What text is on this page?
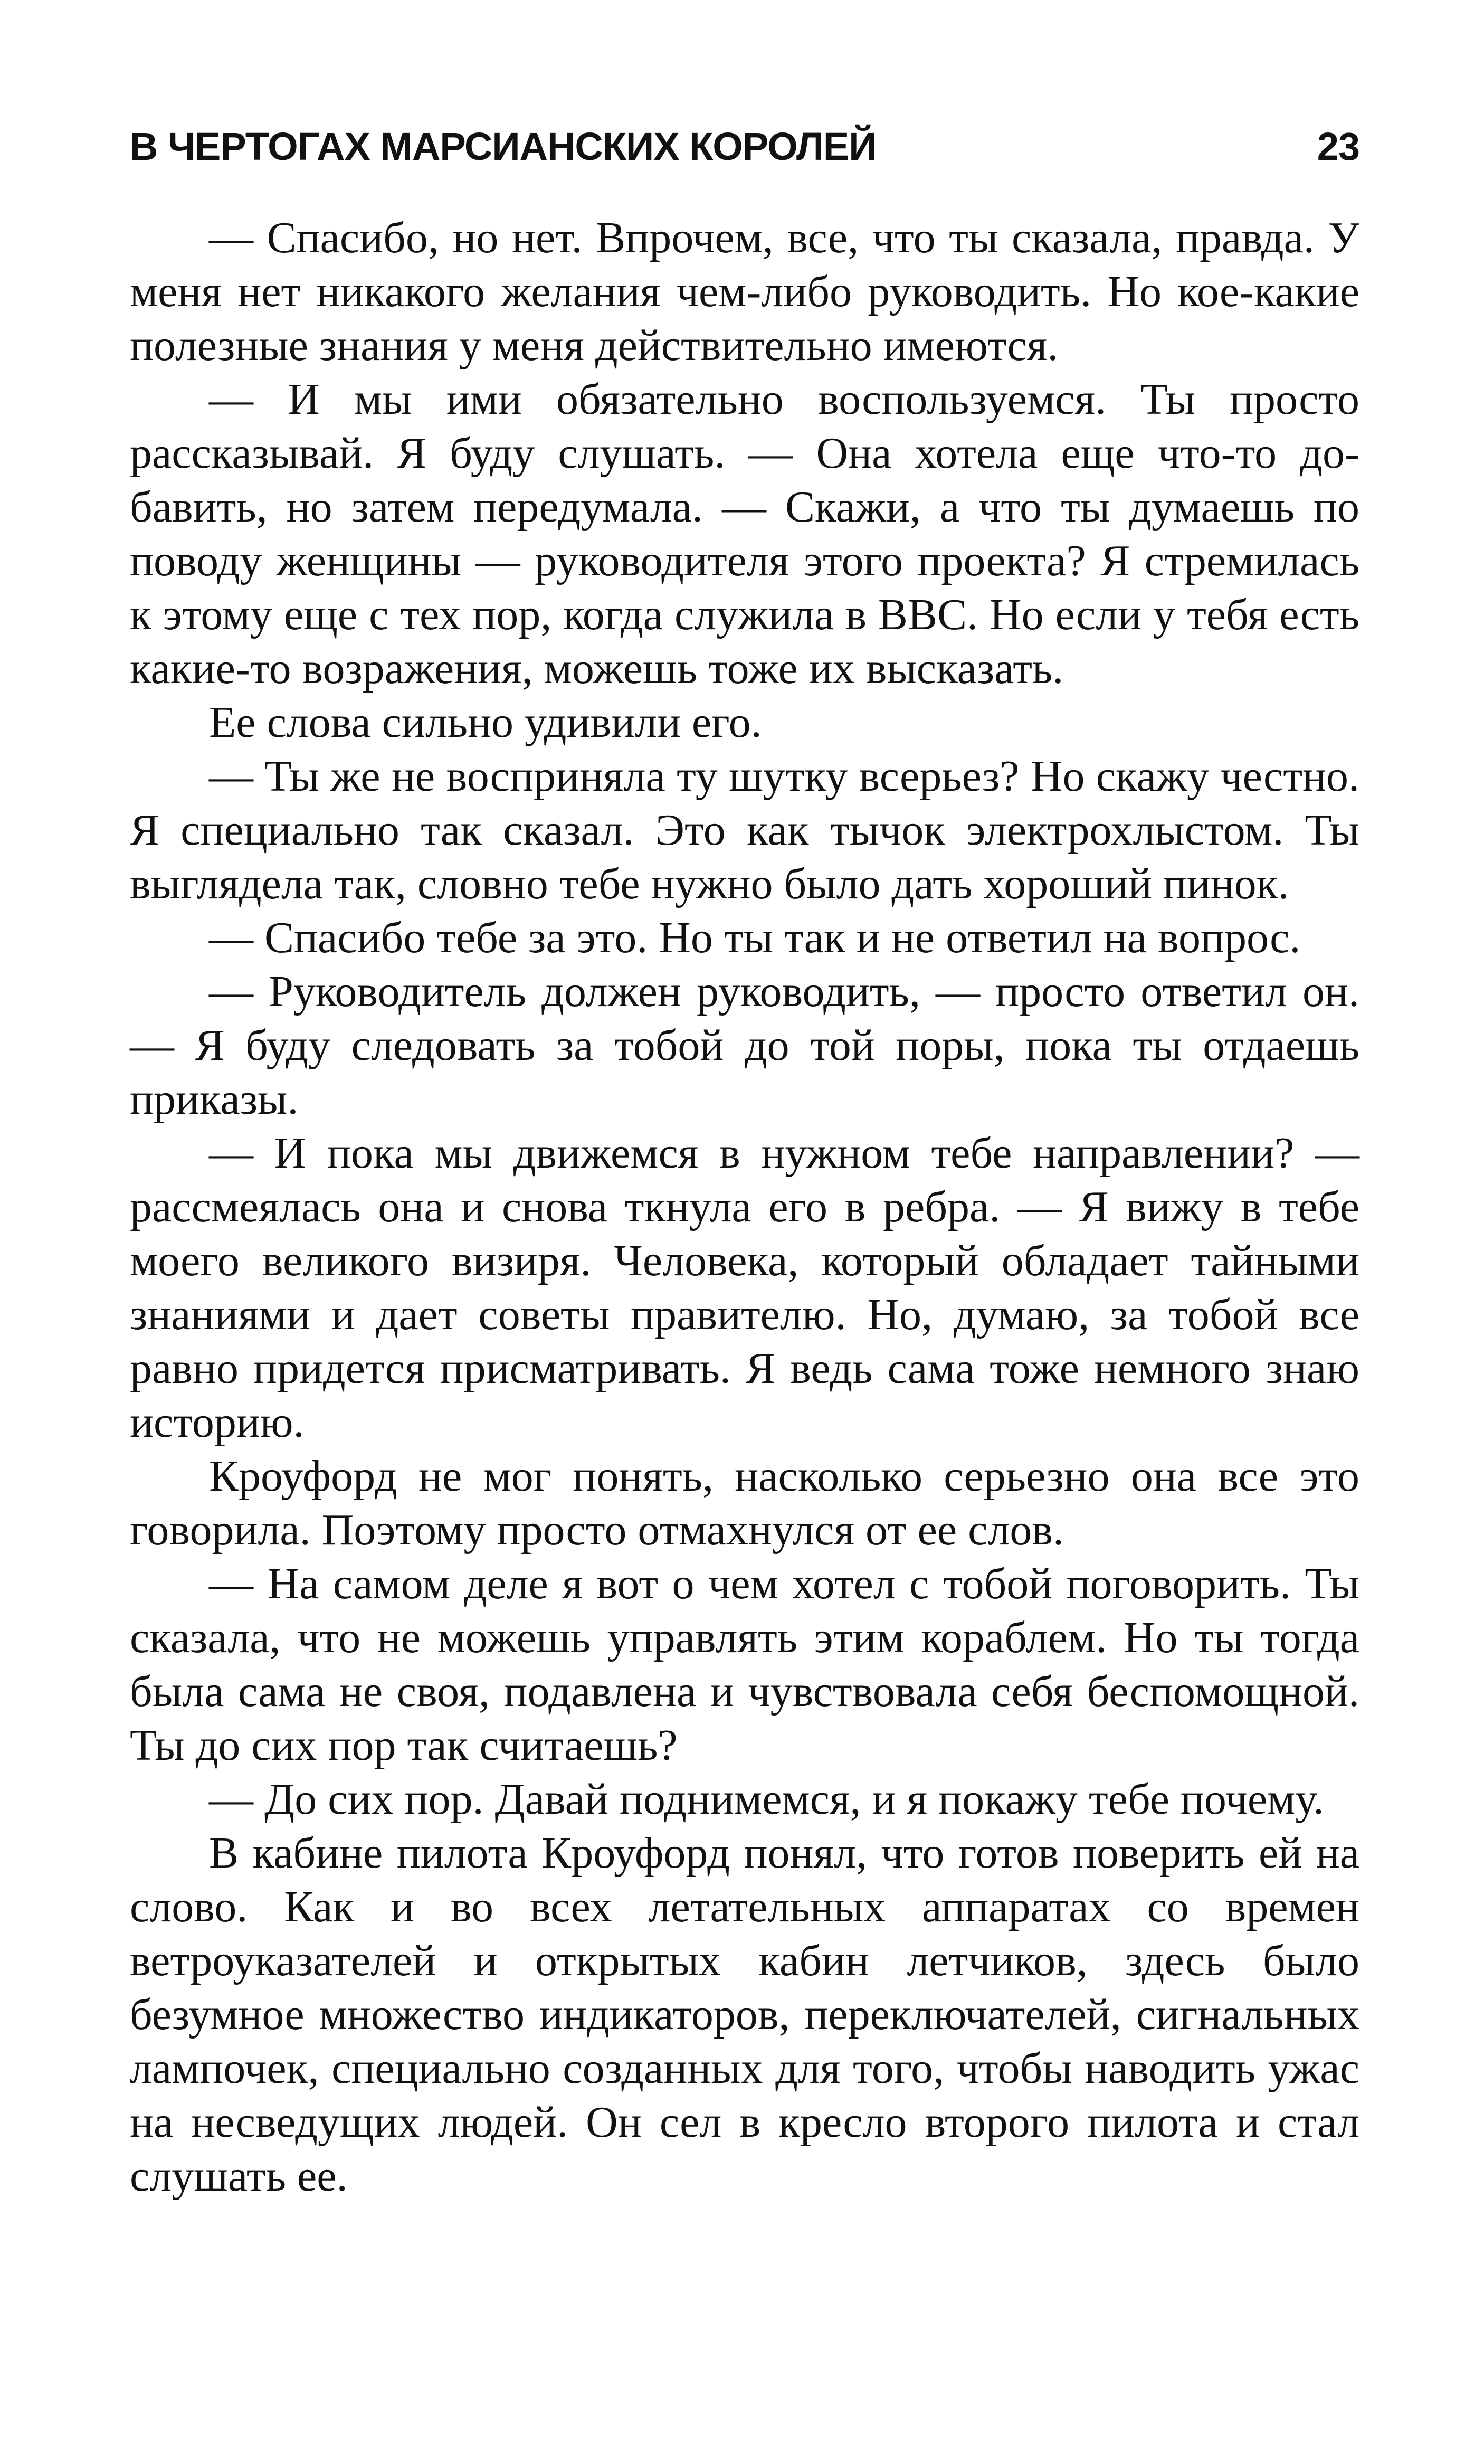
В ЧЕРТОГАХ МАРСИАНСКИХ КОРОЛЕЙ	23

— Спасибо, но нет. Впрочем, все, что ты сказала, правда. У меня нет никакого желания чем-либо руководить. Но кое-какие полезные знания у меня действительно имеются.

— И мы ими обязательно воспользуемся. Ты просто рассказывай. Я буду слушать. — Она хотела еще что-то добавить, но затем передумала. — Скажи, а что ты думаешь по поводу женщины — руководителя этого проекта? Я стремилась к этому еще с тех пор, когда служила в ВВС. Но если у тебя есть какие-то возражения, можешь тоже их высказать.

Ее слова сильно удивили его.

— Ты же не восприняла ту шутку всерьез? Но скажу честно. Я специально так сказал. Это как тычок электрохлыстом. Ты выглядела так, словно тебе нужно было дать хороший пинок.

— Спасибо тебе за это. Но ты так и не ответил на вопрос.

— Руководитель должен руководить, — просто ответил он. — Я буду следовать за тобой до той поры, пока ты отдаешь приказы.

— И пока мы движемся в нужном тебе направлении? — рассмеялась она и снова ткнула его в ребра. — Я вижу в тебе моего великого визиря. Человека, который обладает тайными знаниями и дает советы правителю. Но, думаю, за тобой все равно придется присматривать. Я ведь сама тоже немного знаю историю.

Кроуфорд не мог понять, насколько серьезно она все это говорила. Поэтому просто отмахнулся от ее слов.

— На самом деле я вот о чем хотел с тобой поговорить. Ты сказала, что не можешь управлять этим кораблем. Но ты тогда была сама не своя, подавлена и чувствовала себя беспомощной. Ты до сих пор так считаешь?

— До сих пор. Давай поднимемся, и я покажу тебе почему.

В кабине пилота Кроуфорд понял, что готов поверить ей на слово. Как и во всех летательных аппаратах со времен ветроуказателей и открытых кабин летчиков, здесь было безумное множество индикаторов, переключателей, сигнальных лампочек, специально созданных для того, чтобы наводить ужас на несведущих людей. Он сел в кресло второго пилота и стал слушать ее.
